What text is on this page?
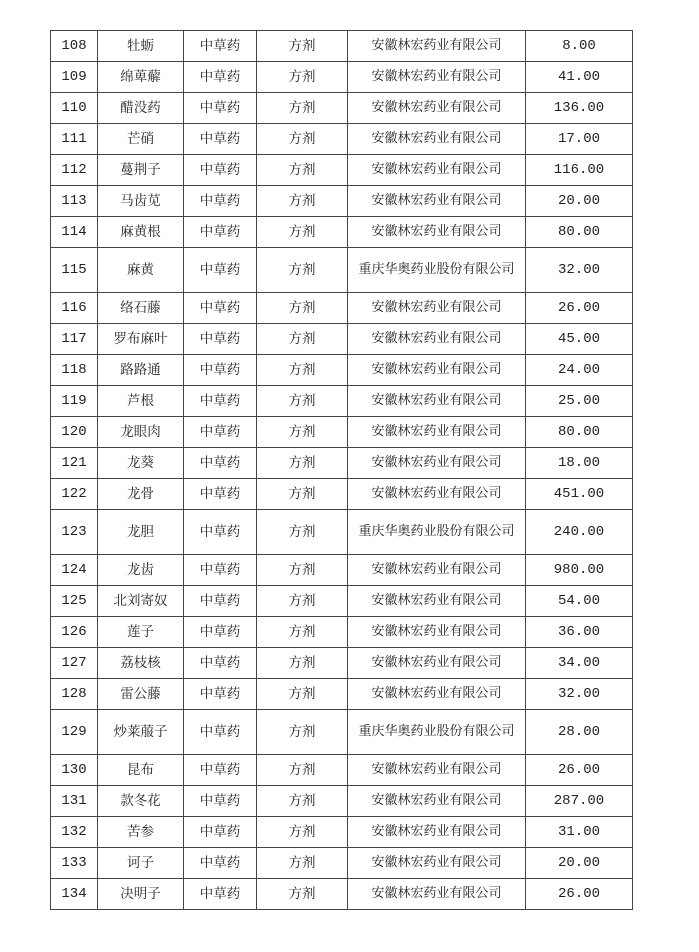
108	牡蛎	中草药	方剂	安徽林宏药业有限公司	8.00
109	绵萆薢	中草药	方剂	安徽林宏药业有限公司	41.00
110	醋没药	中草药	方剂	安徽林宏药业有限公司	136.00
111	芒硝	中草药	方剂	安徽林宏药业有限公司	17.00
112	蔓荆子	中草药	方剂	安徽林宏药业有限公司	116.00
113	马齿苋	中草药	方剂	安徽林宏药业有限公司	20.00
114	麻黄根	中草药	方剂	安徽林宏药业有限公司	80.00
115	麻黄	中草药	方剂	重庆华奥药业股份有限公司	32.00
116	络石藤	中草药	方剂	安徽林宏药业有限公司	26.00
117	罗布麻叶	中草药	方剂	安徽林宏药业有限公司	45.00
118	路路通	中草药	方剂	安徽林宏药业有限公司	24.00
119	芦根	中草药	方剂	安徽林宏药业有限公司	25.00
120	龙眼肉	中草药	方剂	安徽林宏药业有限公司	80.00
121	龙葵	中草药	方剂	安徽林宏药业有限公司	18.00
122	龙骨	中草药	方剂	安徽林宏药业有限公司	451.00
123	龙胆	中草药	方剂	重庆华奥药业股份有限公司	240.00
124	龙齿	中草药	方剂	安徽林宏药业有限公司	980.00
125	北刘寄奴	中草药	方剂	安徽林宏药业有限公司	54.00
126	莲子	中草药	方剂	安徽林宏药业有限公司	36.00
127	荔枝核	中草药	方剂	安徽林宏药业有限公司	34.00
128	雷公藤	中草药	方剂	安徽林宏药业有限公司	32.00
129	炒莱菔子	中草药	方剂	重庆华奥药业股份有限公司	28.00
130	昆布	中草药	方剂	安徽林宏药业有限公司	26.00
131	款冬花	中草药	方剂	安徽林宏药业有限公司	287.00
132	苦参	中草药	方剂	安徽林宏药业有限公司	31.00
133	诃子	中草药	方剂	安徽林宏药业有限公司	20.00
134	决明子	中草药	方剂	安徽林宏药业有限公司	26.00
